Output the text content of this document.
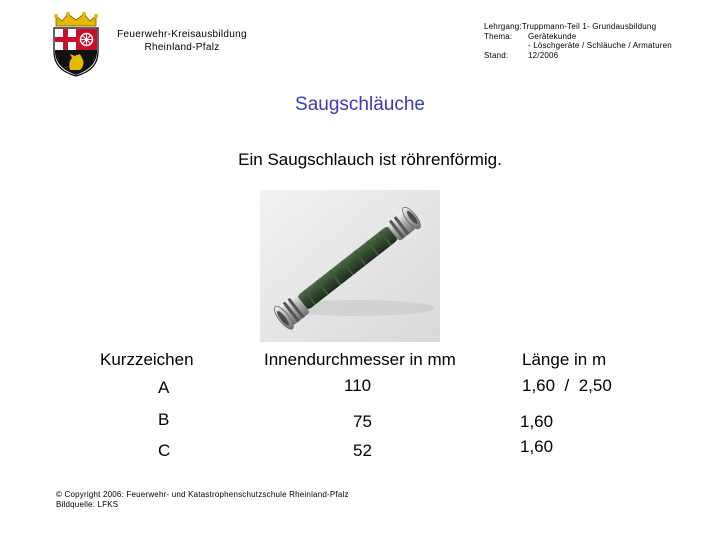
Feuerwehr-Kreisausbildung
Rheinland-Pfalz
Lehrgang: Truppmann-Teil 1- Grundausbildung
Thema:	Gerätekunde
- Löschgeräte / Schläuche / Armaturen
Stand:	12/2006
Saugschläuche
Ein Saugschlauch ist röhrenförmig.
Kurzzeichen	Innendurchmesser in mm	Länge in m
A	110	1,60  /  2,50
B	75	1,60
C	52	1,60
© Copyright 2006: Feuerwehr- und Katastrophenschutzschule Rheinland-Pfalz
Bildquelle: LFKS
